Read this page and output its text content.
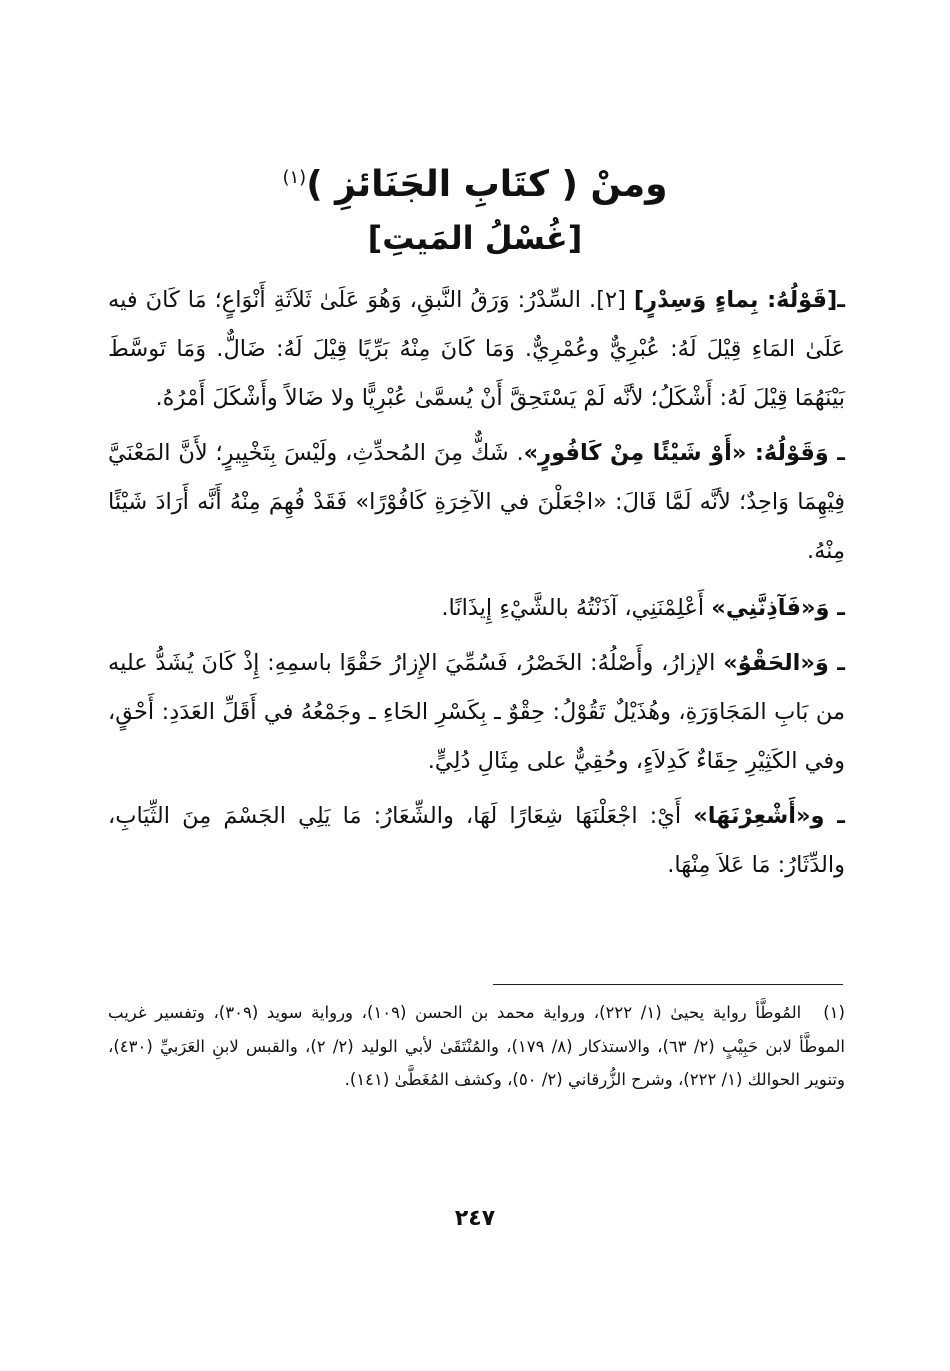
ومنْ ( كتَابِ الجَنَائزِ )$^{(١)}$
[غُسْلُ المَيتِ]

ـ[قَوْلُهُ: بِماءٍ وَسِدْرٍ] [٢]. السِّدْرُ: وَرَقُ النَّبقِ، وَهُوَ عَلَىٰ ثَلاَثَةِ أَنْوَاعٍ؛ مَا كَانَ فيه عَلَىٰ المَاءِ قِيْلَ لَهُ: عُبْرِيٌّ وعُمْرِيٌّ. وَمَا كَانَ مِنْهُ بَرِّيًا قِيْلَ لَهُ: ضَالٌّ. وَمَا تَوسَّطَ بَيْنَهُمَا قِيْلَ لَهُ: أَشْكَلُ؛ لأنَّه لَمْ يَسْتَحِقَّ أَنْ يُسمَّىٰ عُبْرِيًّا ولا ضَالاً وأَشْكَلَ أَمْرُهُ.

ـ وَقَوْلُهُ: «أَوْ شَيْئًا مِنْ كَافُورٍ». شَكٌّ مِنَ المُحدِّثِ، ولَيْسَ بِتَخْيِيرٍ؛ لأَنَّ المَعْنَيَّ فِيْهِمَا وَاحِدٌ؛ لأنَّه لَمَّا قَالَ: «اجْعَلْنَ في الآخِرَةِ كَافُوْرًا» فَقَدْ فُهِمَ مِنْهُ أَنَّه أَرَادَ شَيْئًا مِنْهُ.

ـ وَ«فَآذِنَّنِي» أَعْلِمْنَنِي، آذَنْتُهُ بالشَّيْءِ إِيذَانًا.

ـ وَ«الحَقْوُ» الإزارُ، وأَصْلُهُ: الخَصْرُ، فَسُمِّيَ الإِزارُ حَقْوًا باسمِهِ: إِذْ كَانَ يُشَدُّ عليه من بَابِ المَجَاوَرَةِ، وهُذَيْلٌ تَقُوْلُ: حِقْوٌ ـ بِكَسْرِ الحَاءِ ـ وجَمْعُهُ في أَقَلِّ العَدَدِ: أَحْقٍ، وفي الكَثِيْرِ حِقَاءٌ كَدِلاَءٍ، وحُقِيٌّ على مِثَالِ دُلِيٍّ.

ـ و«أَشْعِرْنَهَا» أَيْ: اجْعَلْنَهَا شِعَارًا لَهَا، والشِّعَارُ: مَا يَلِي الجَسْمَ مِنَ الثِّيَابِ، والدِّثَارُ: مَا عَلاَ مِنْهَا.

(١)المُوطَّأ رواية يحيىٰ (١/ ٢٢٢)، ورواية محمد بن الحسن (١٠٩)، ورواية سويد (٣٠٩)، وتفسير غريب الموطَّأ لابن حَبِيْبٍ (٢/ ٦٣)، والاستذكار (٨/ ١٧٩)، والمُنْتَقَىٰ لأبي الوليد (٢/ ٢)، والقبس لابنِ العَرَبيِّ (٤٣٠)، وتنوير الحوالك (١/ ٢٢٢)، وشرح الزُّرقاني (٢/ ٥٠)، وكشف المُغَطَّىٰ (١٤١).

٢٤٧
